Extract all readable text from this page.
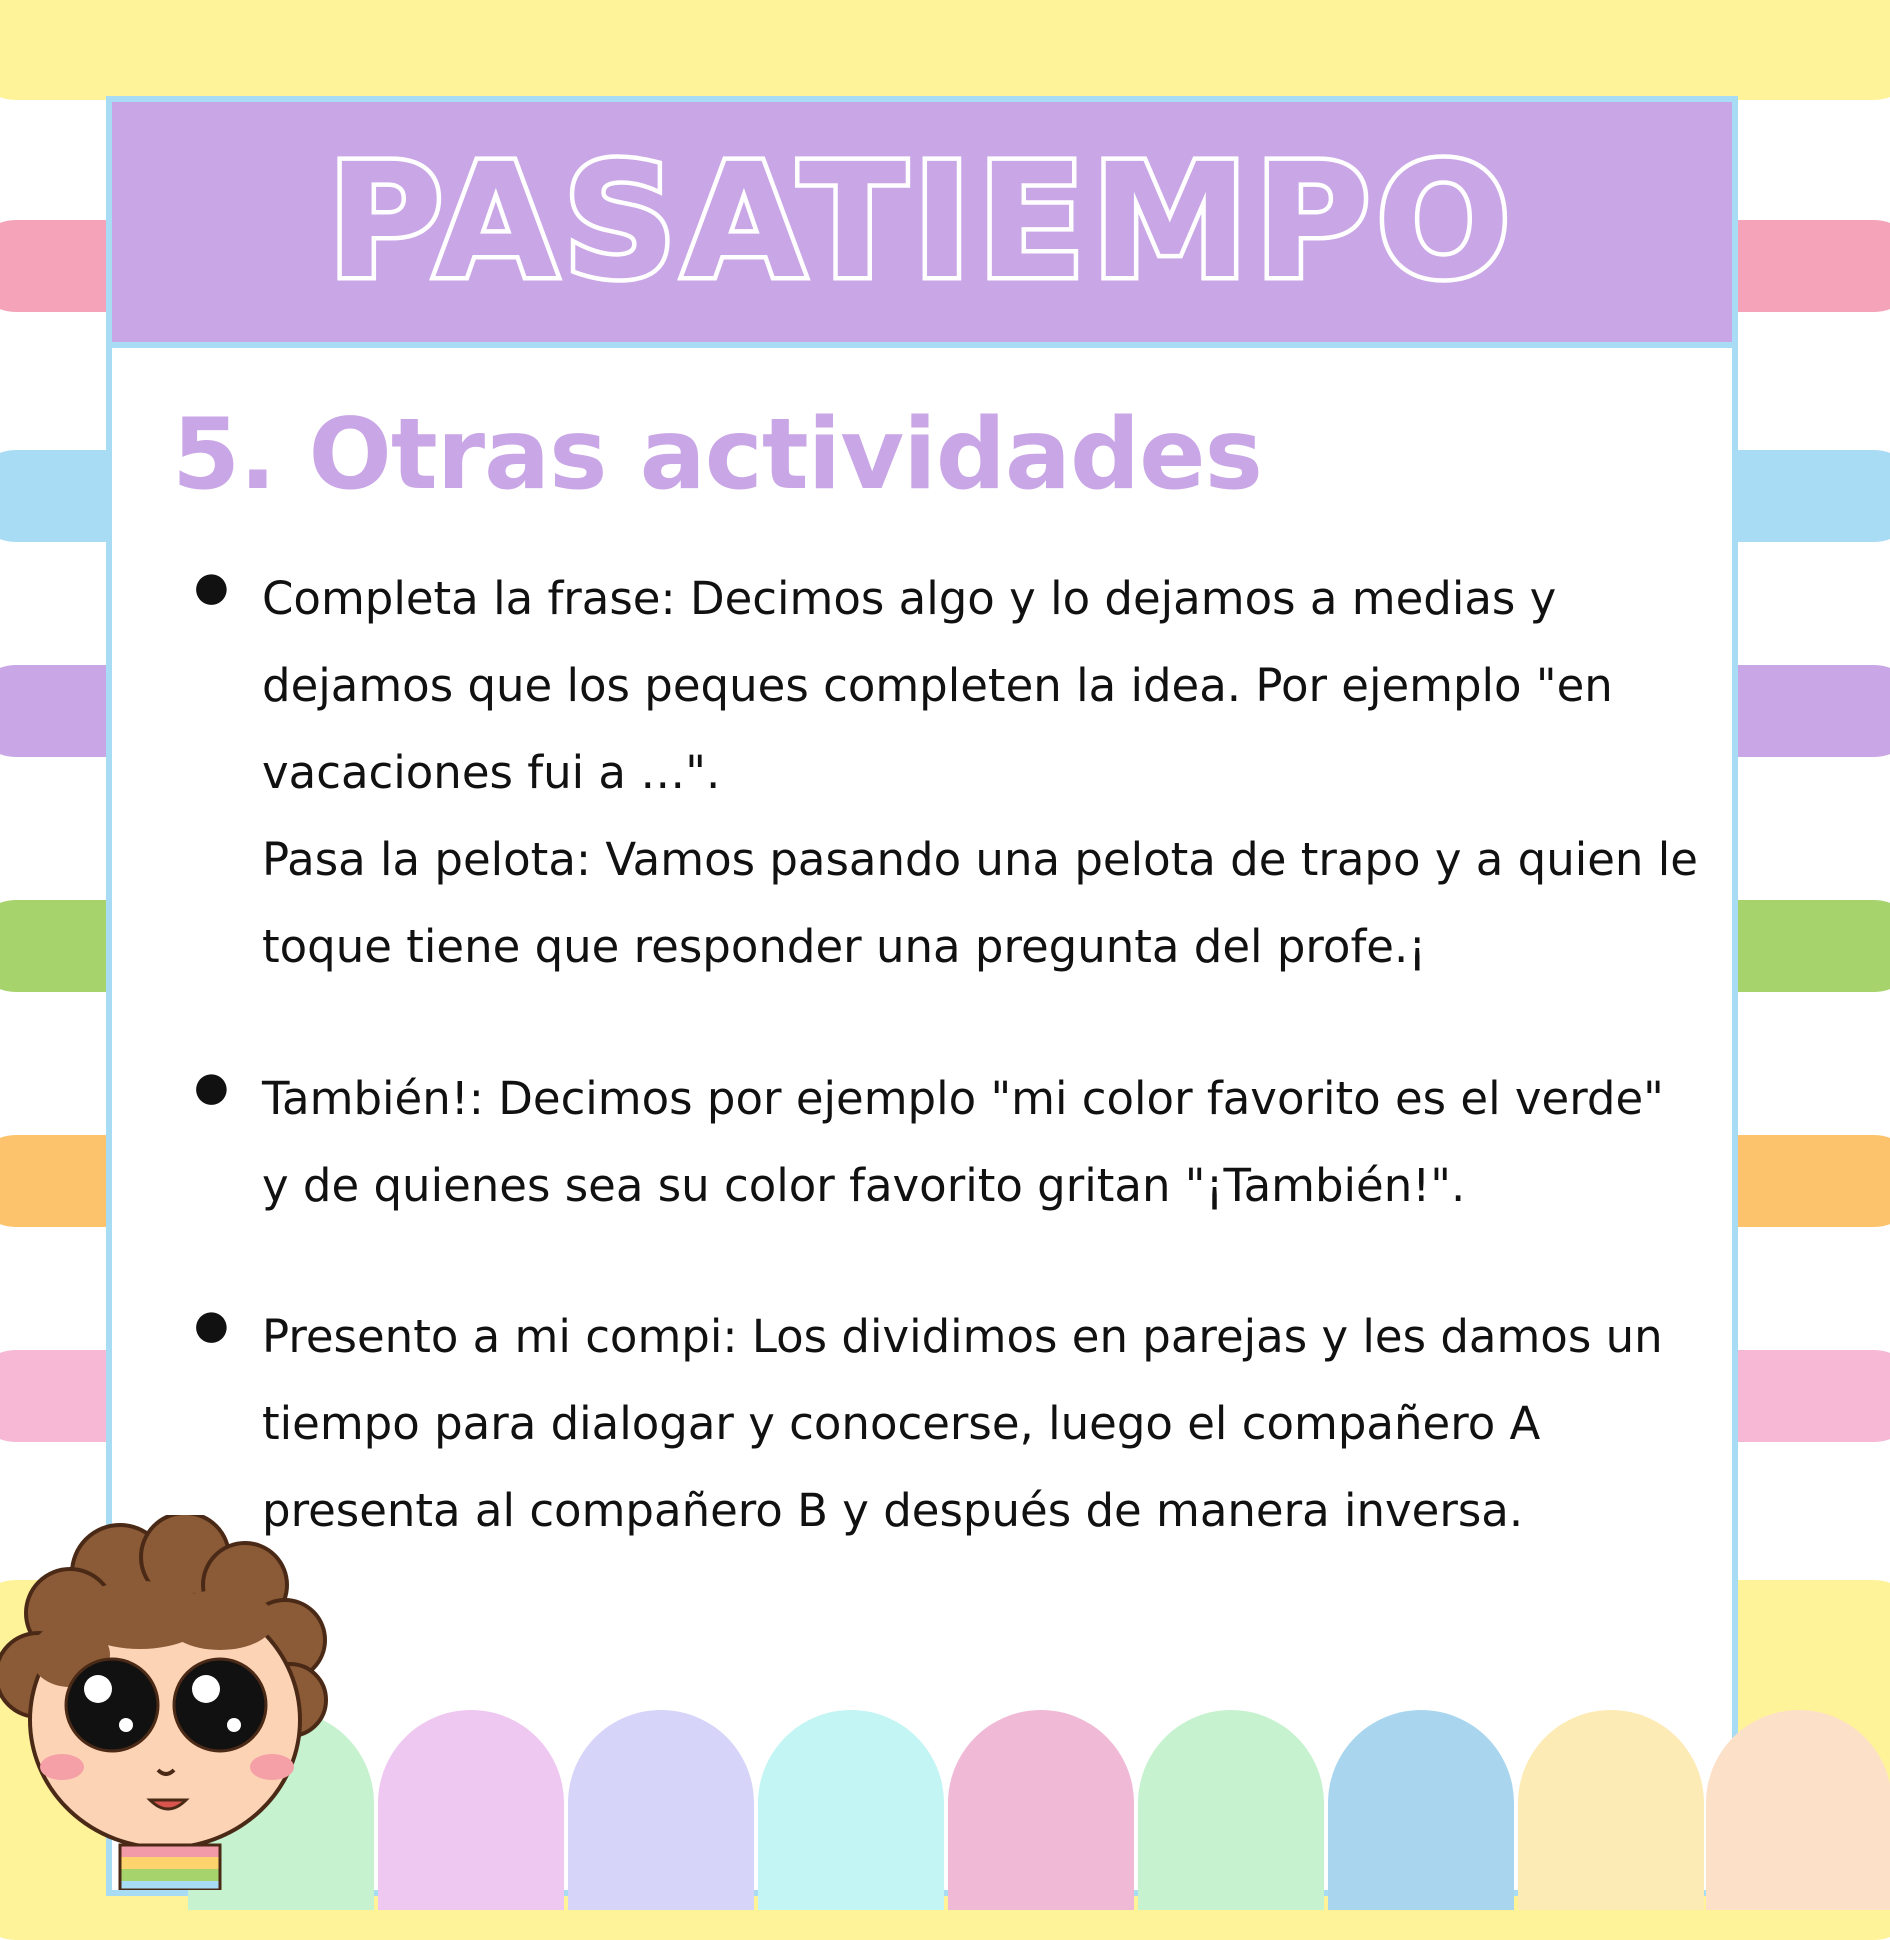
PASATIEMPO
5. Otras actividades
● Completa la frase: Decimos algo y lo dejamos a medias y dejamos que los peques completen la idea. Por ejemplo "en vacaciones fui a …".

Pasa la pelota: Vamos pasando una pelota de trapo y a quien le toque tiene que responder una pregunta del profe.¡

● También!: Decimos por ejemplo "mi color favorito es el verde" y de quienes sea su color favorito gritan "¡También!".

● Presento a mi compi: Los dividimos en parejas y les damos un tiempo para dialogar y conocerse, luego el compañero A presenta al compañero B y después de manera inversa.
